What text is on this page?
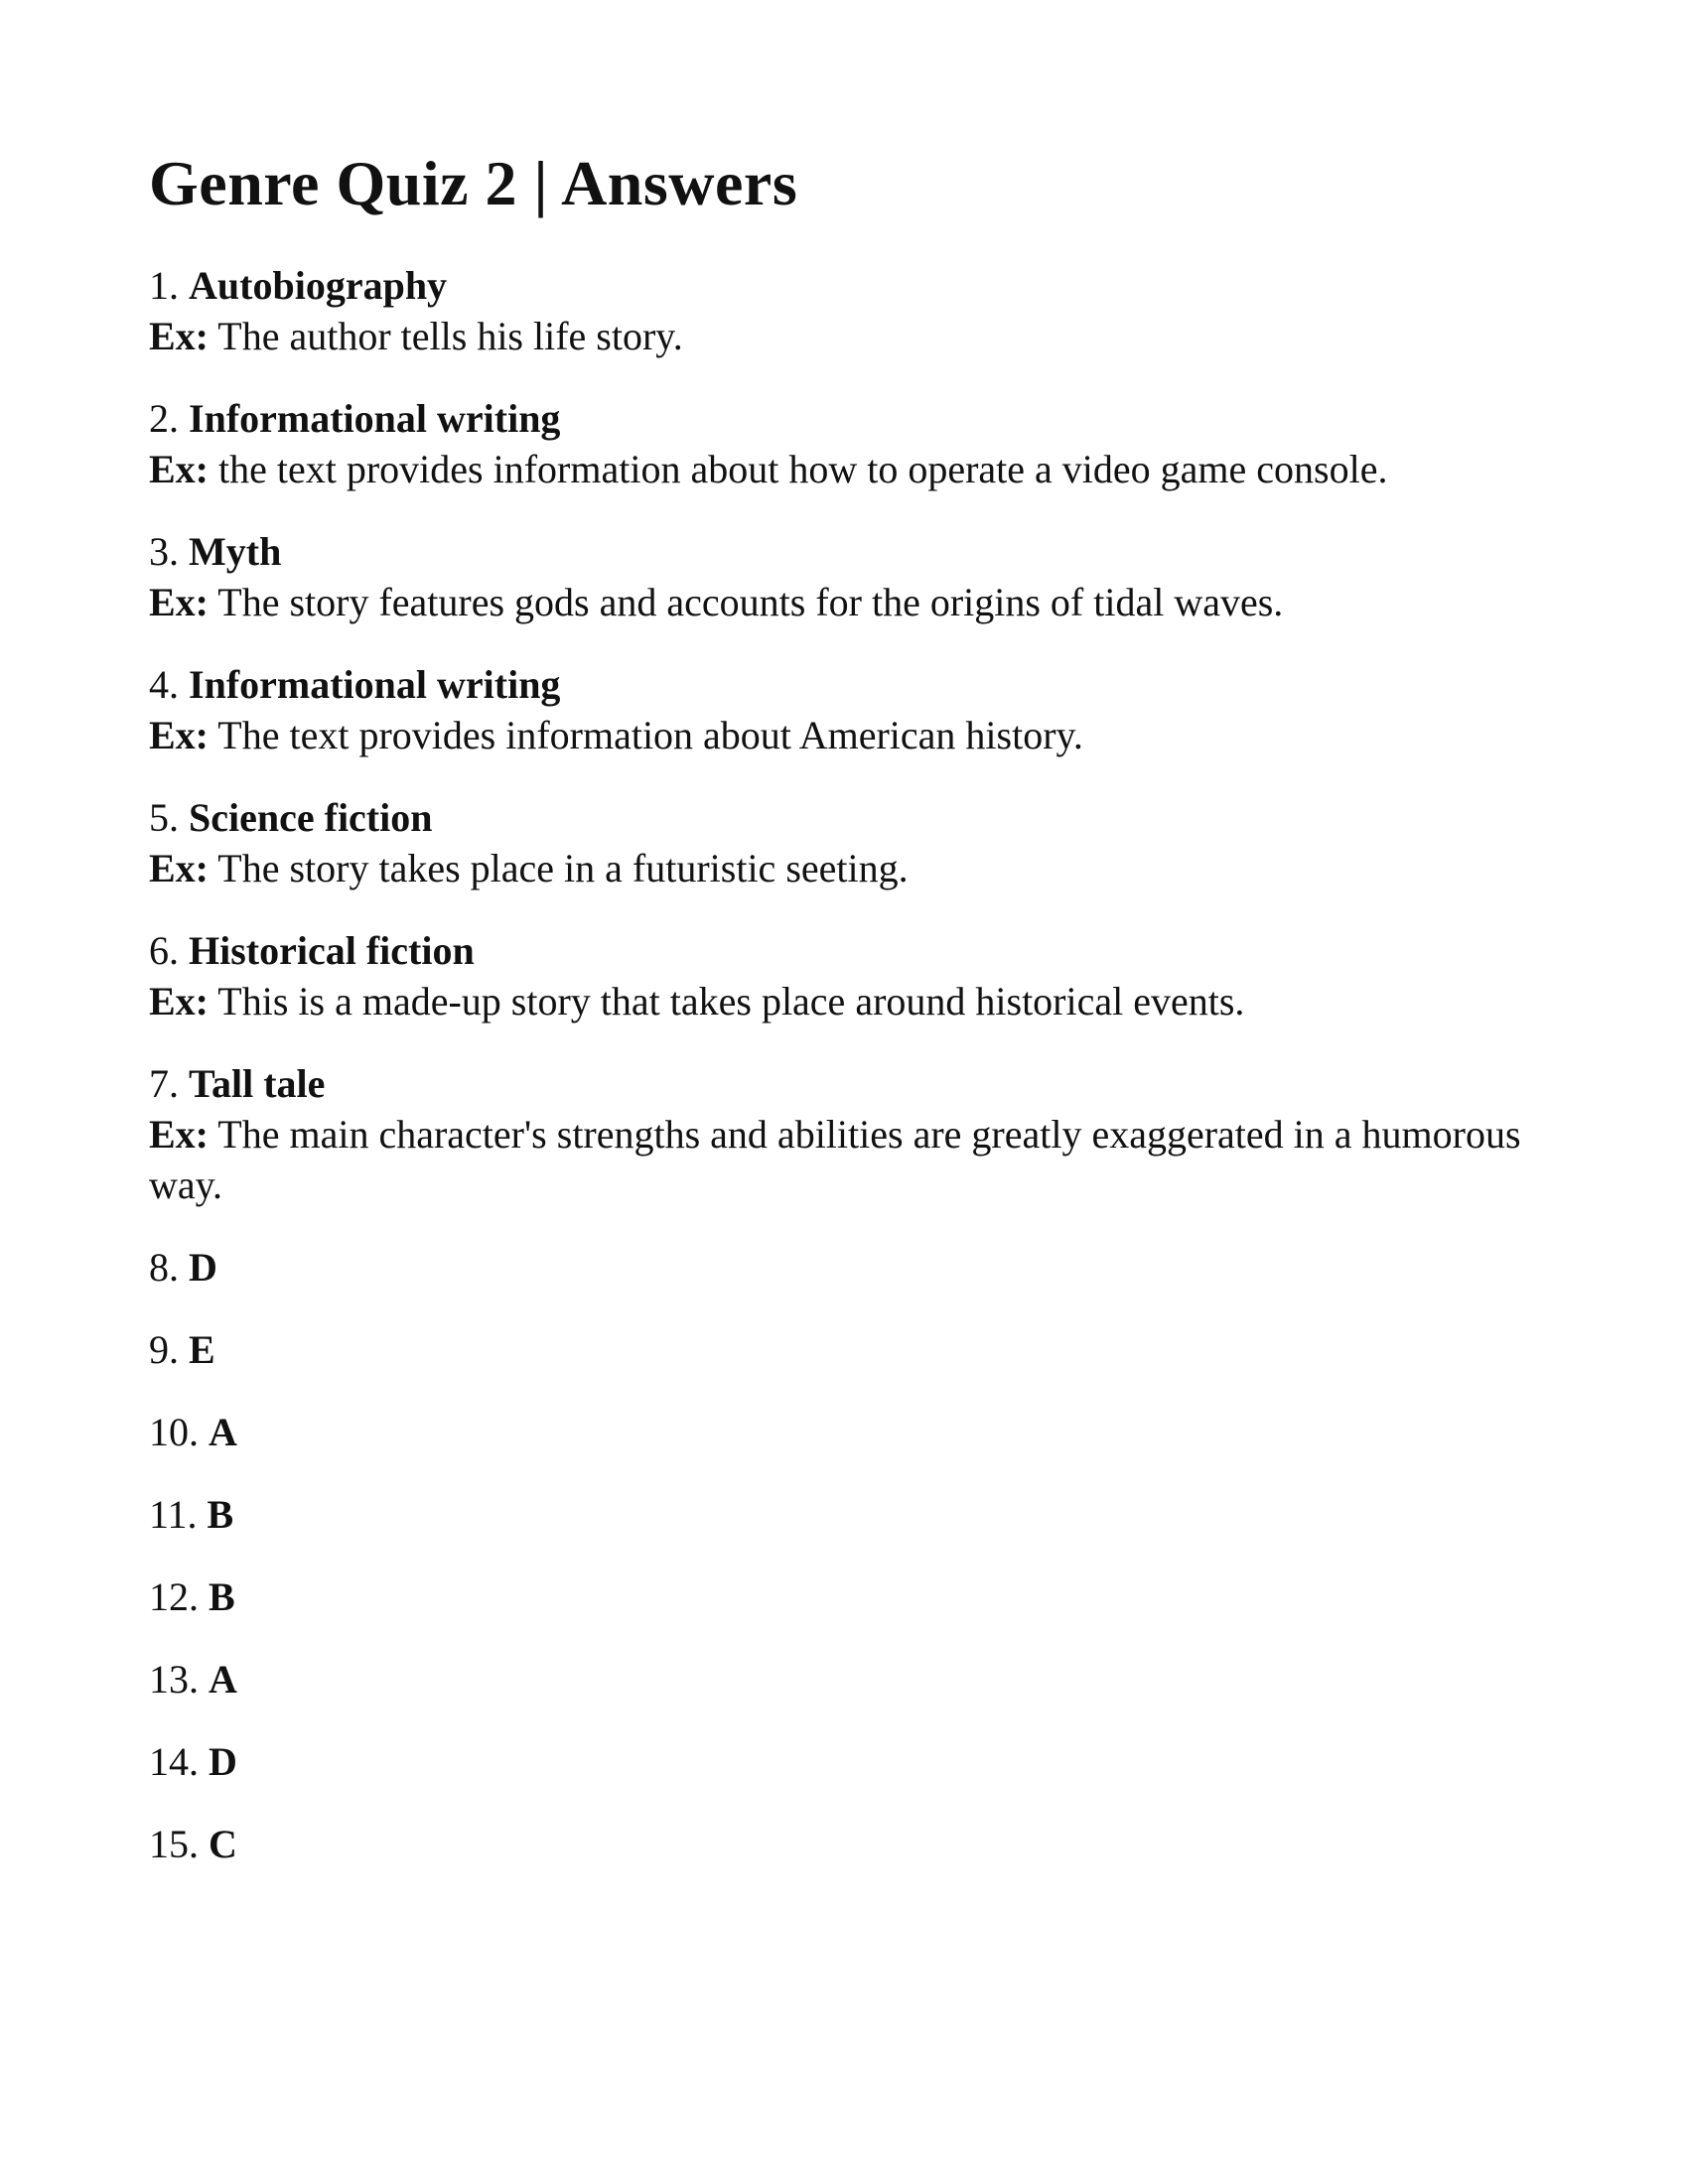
Genre Quiz 2 | Answers
1. Autobiography
Ex: The author tells his life story.
2. Informational writing
Ex: the text provides information about how to operate a video game console.
3. Myth
Ex: The story features gods and accounts for the origins of tidal waves.
4. Informational writing
Ex: The text provides information about American history.
5. Science fiction
Ex: The story takes place in a futuristic seeting.
6. Historical fiction
Ex: This is a made-up story that takes place around historical events.
7. Tall tale
Ex: The main character's strengths and abilities are greatly exaggerated in a humorous way.
8. D
9. E
10. A
11. B
12. B
13. A
14. D
15. C
